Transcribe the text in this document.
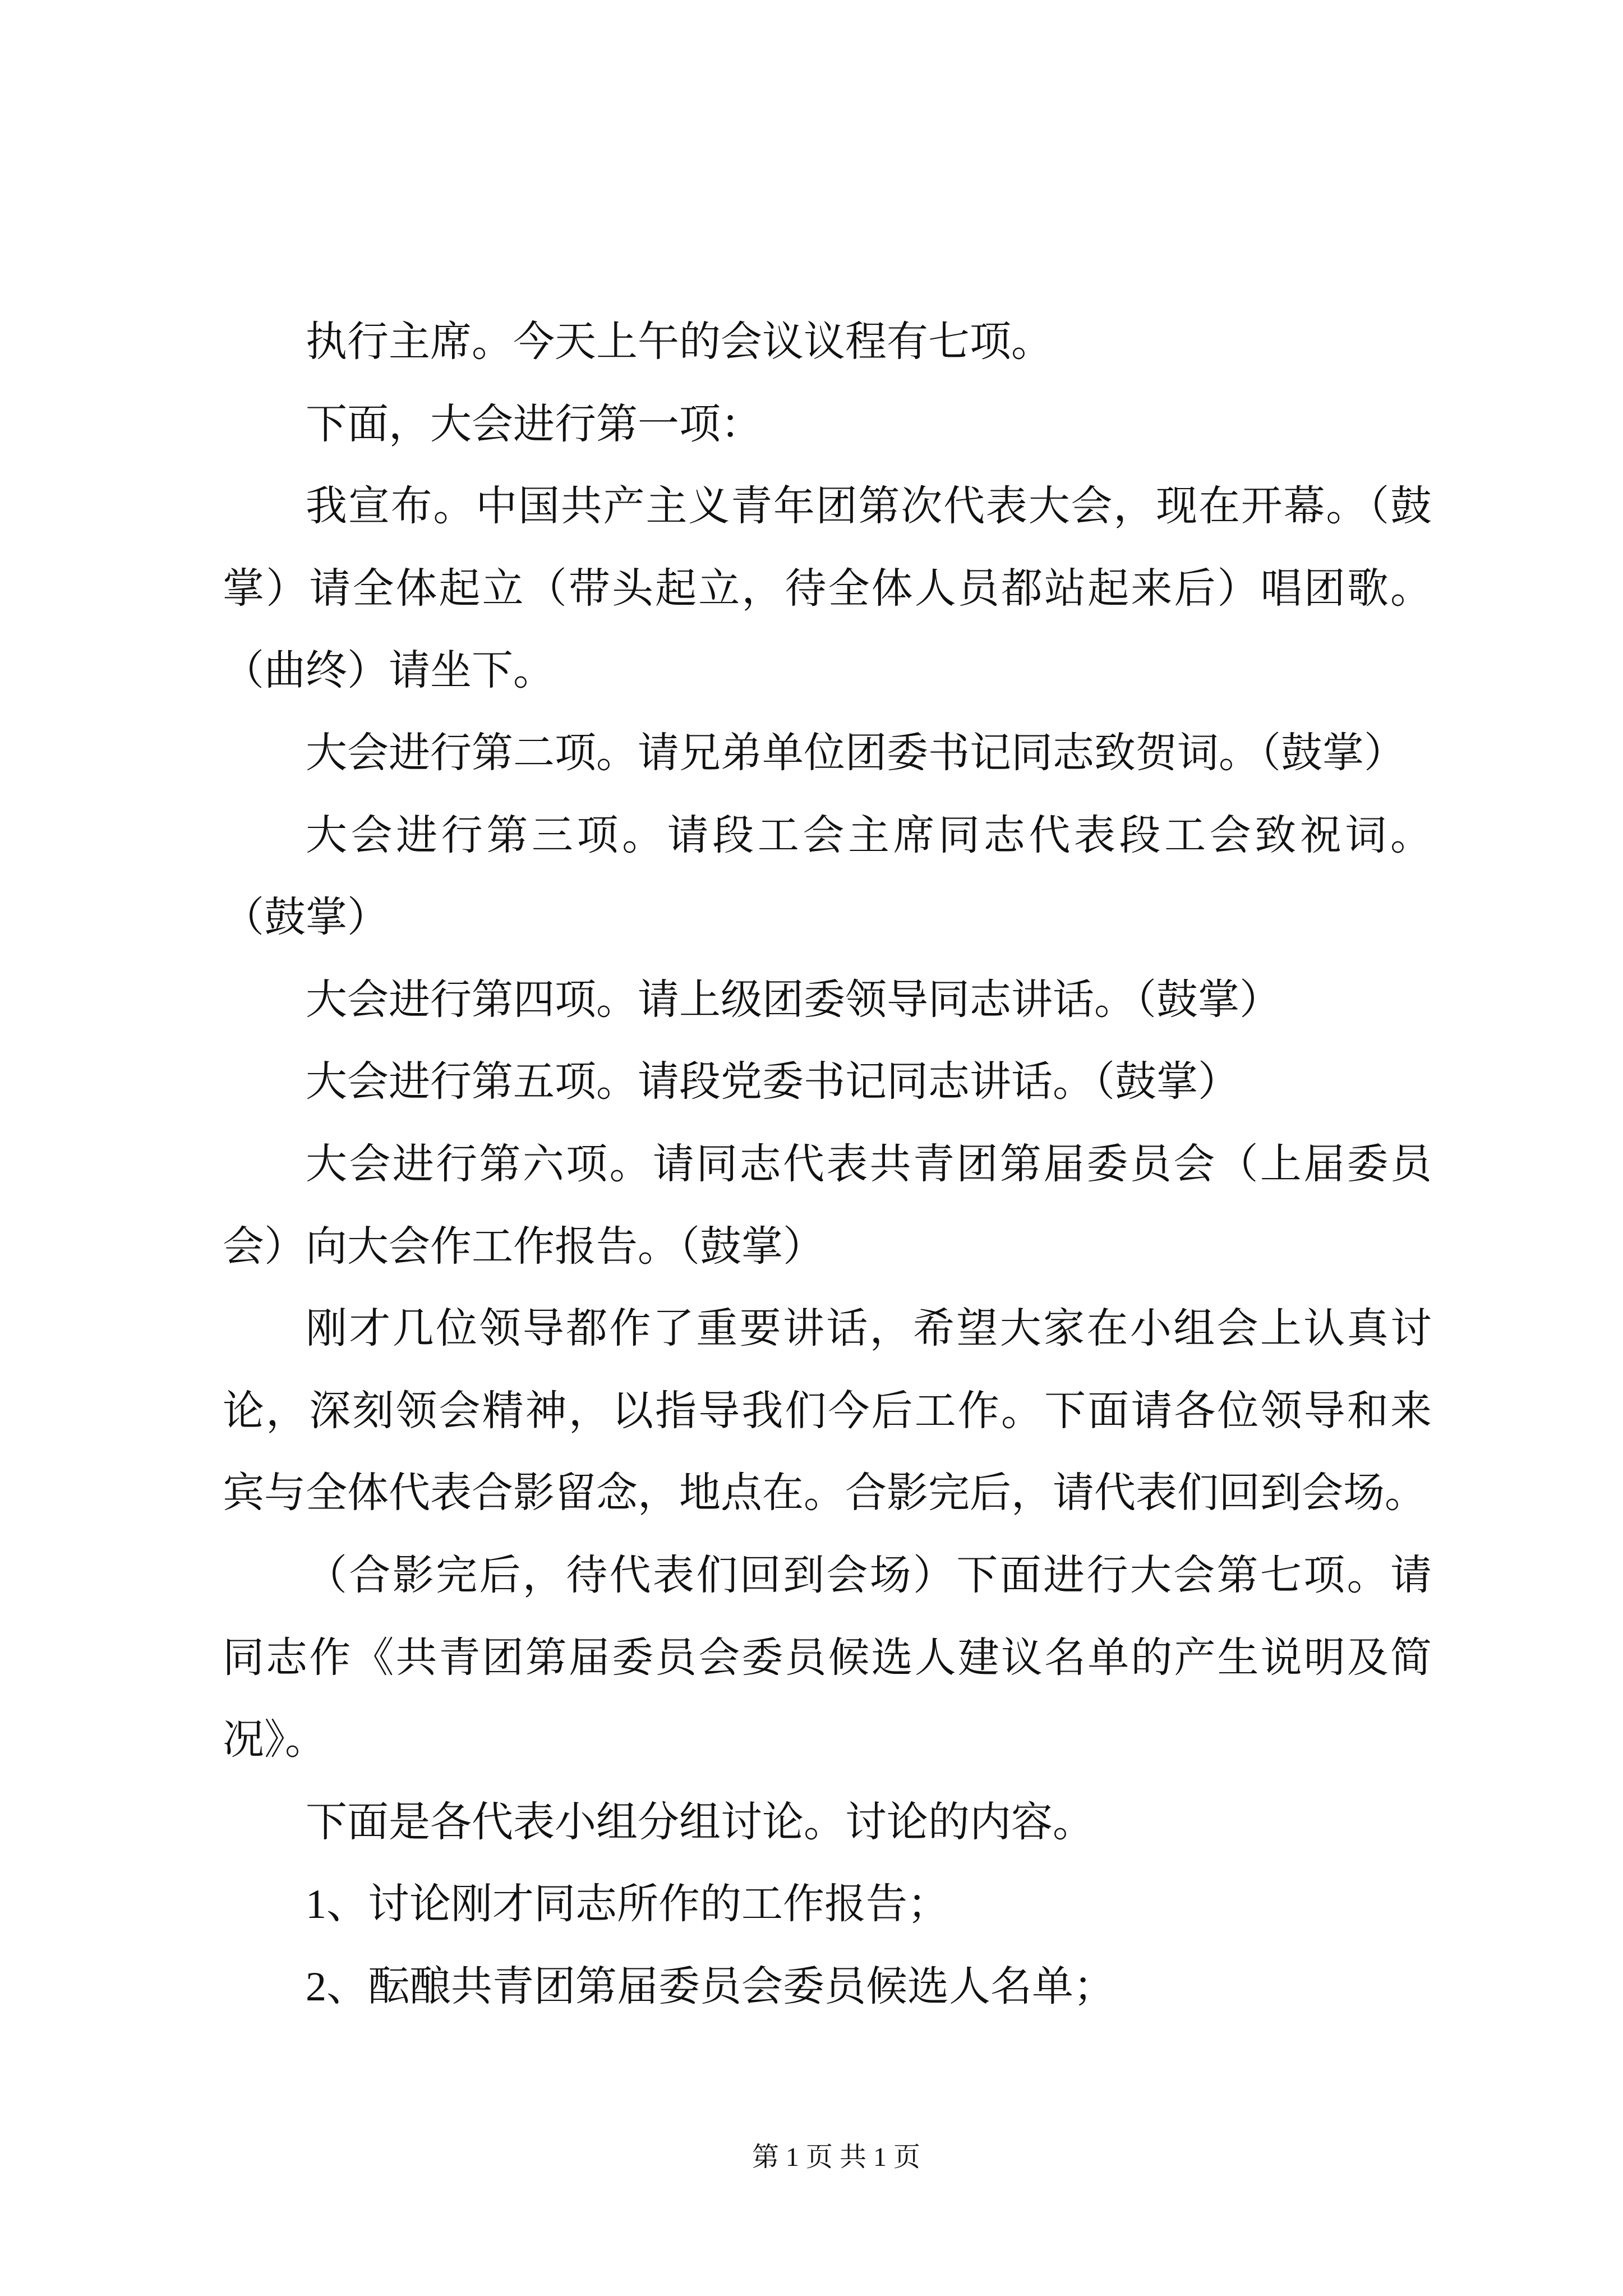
执行主席。今天上午的会议议程有七项。
下面，大会进行第一项：
我宣布。中国共产主义青年团第次代表大会，现在开幕。（鼓
掌）请全体起立（带头起立，待全体人员都站起来后）唱团歌。
（曲终）请坐下。
大会进行第二项。请兄弟单位团委书记同志致贺词。（鼓掌）
大会进行第三项。请段工会主席同志代表段工会致祝词。
（鼓掌）
大会进行第四项。请上级团委领导同志讲话。（鼓掌）
大会进行第五项。请段党委书记同志讲话。（鼓掌）
大会进行第六项。请同志代表共青团第届委员会（上届委员
会）向大会作工作报告。（鼓掌）
刚才几位领导都作了重要讲话，希望大家在小组会上认真讨
论，深刻领会精神，以指导我们今后工作。下面请各位领导和来
宾与全体代表合影留念，地点在。合影完后，请代表们回到会场。
（合影完后，待代表们回到会场）下面进行大会第七项。请
同志作《共青团第届委员会委员候选人建议名单的产生说明及简
况》。
下面是各代表小组分组讨论。讨论的内容。
1、讨论刚才同志所作的工作报告；
2、酝酿共青团第届委员会委员候选人名单；
第 1 页 共 1 页
